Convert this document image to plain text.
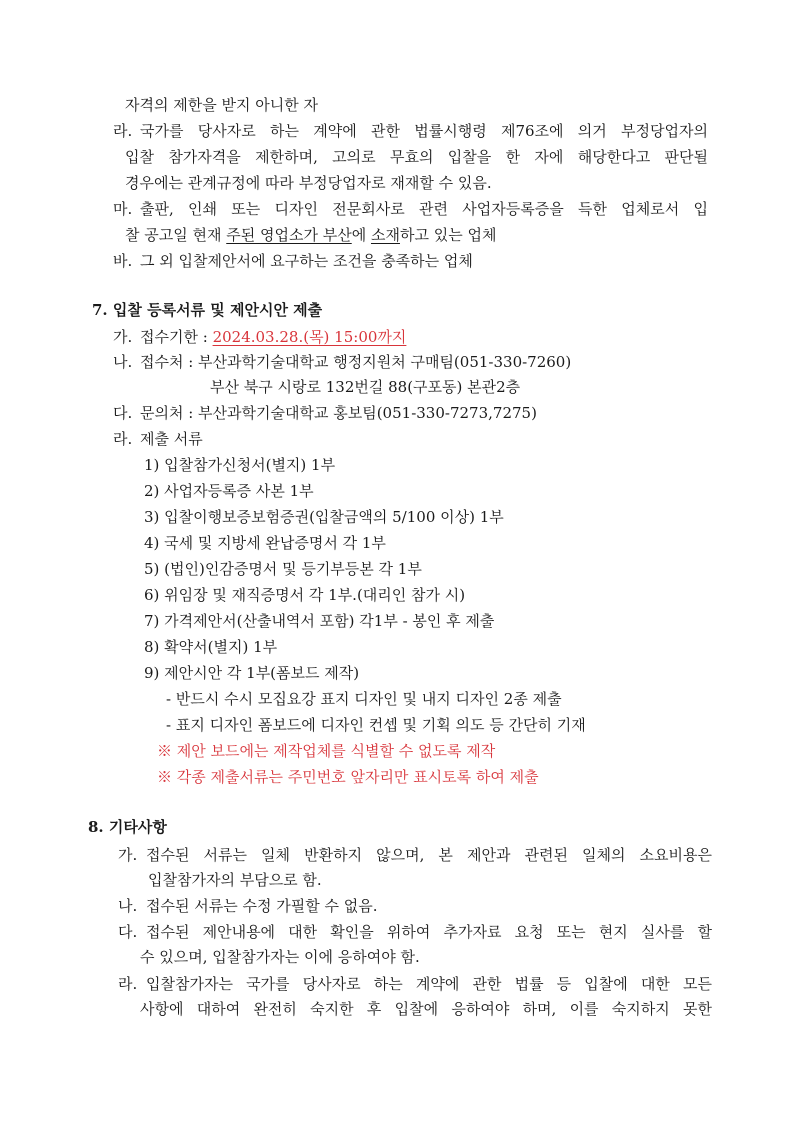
자격의 제한을 받지 아니한 자
라. 국가를 당사자로 하는 계약에 관한 법률시행령 제76조에 의거 부정당업자의
입찰 참가자격을 제한하며, 고의로 무효의 입찰을 한 자에 해당한다고 판단될
경우에는 관계규정에 따라 부정당업자로 재재할 수 있음.
마. 출판, 인쇄 또는 디자인 전문회사로 관련 사업자등록증을 득한 업체로서 입
찰 공고일 현재 주된 영업소가 부산에 소재하고 있는 업체
바. 그 외 입찰제안서에 요구하는 조건을 충족하는 업체
7. 입찰 등록서류 및 제안시안 제출
가. 접수기한 : 2024.03.28.(목) 15:00까지
나. 접수처 : 부산과학기술대학교 행정지원처 구매팀(051-330-7260)
부산 북구 시랑로 132번길 88(구포동) 본관2층
다. 문의처 : 부산과학기술대학교 홍보팀(051-330-7273,7275)
라. 제출 서류
1) 입찰참가신청서(별지) 1부
2) 사업자등록증 사본 1부
3) 입찰이행보증보험증권(입찰금액의 5/100 이상) 1부
4) 국세 및 지방세 완납증명서 각 1부
5) (법인)인감증명서 및 등기부등본 각 1부
6) 위임장 및 재직증명서 각 1부.(대리인 참가 시)
7) 가격제안서(산출내역서 포함) 각1부 - 봉인 후 제출
8) 확약서(별지) 1부
9) 제안시안 각 1부(폼보드 제작)
- 반드시 수시 모집요강 표지 디자인 및 내지 디자인 2종 제출
- 표지 디자인 폼보드에 디자인 컨셉 및 기획 의도 등 간단히 기재
※ 제안 보드에는 제작업체를 식별할 수 없도록 제작
※ 각종 제출서류는 주민번호 앞자리만 표시토록 하여 제출
8. 기타사항
가. 접수된 서류는 일체 반환하지 않으며, 본 제안과 관련된 일체의 소요비용은
입찰참가자의 부담으로 함.
나. 접수된 서류는 수정 가필할 수 없음.
다. 접수된 제안내용에 대한 확인을 위하여 추가자료 요청 또는 현지 실사를 할
수 있으며, 입찰참가자는 이에 응하여야 함.
라. 입찰참가자는 국가를 당사자로 하는 계약에 관한 법률 등 입찰에 대한 모든
사항에 대하여 완전히 숙지한 후 입찰에 응하여야 하며, 이를 숙지하지 못한
